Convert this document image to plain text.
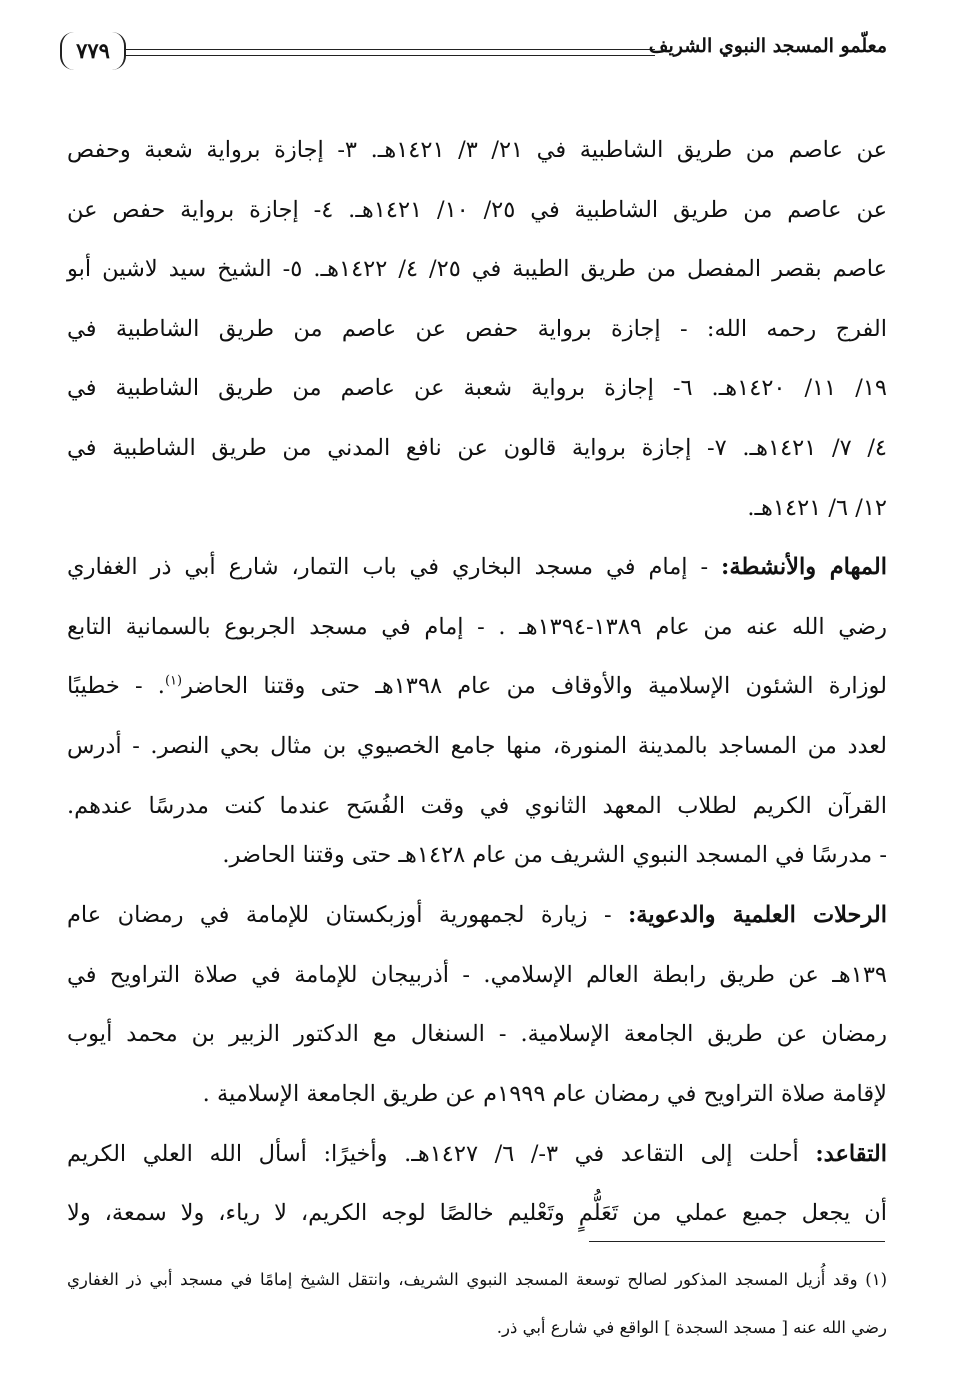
٧٧٩	معلّمو المسجد النبوي الشريف
عن عاصم من طريق الشاطبية في ٢١/ ٣/ ١٤٢١هـ. ٣- إجازة برواية شعبة وحفص
عن عاصم من طريق الشاطبية في ٢٥/ ١٠/ ١٤٢١هـ. ٤- إجازة برواية حفص عن
عاصم بقصر المفصل من طريق الطيبة في ٢٥/ ٤/ ١٤٢٢هـ. ٥- الشيخ سيد لاشين أبو
الفرج رحمه الله: - إجازة برواية حفص عن عاصم من طريق الشاطبية في
١٩/ ١١/ ١٤٢٠هـ. ٦- إجازة برواية شعبة عن عاصم من طريق الشاطبية في
٤/ ٧/ ١٤٢١هـ. ٧- إجازة برواية قالون عن نافع المدني من طريق الشاطبية في
١٢/ ٦/ ١٤٢١هـ.
المهام والأنشطة: - إمام في مسجد البخاري في باب التمار، شارع أبي ذر الغفاري
رضي الله عنه من عام ١٣٨٩-١٣٩٤هـ . - إمام في مسجد الجربوع بالسمانية التابع
لوزارة الشئون الإسلامية والأوقاف من عام ١٣٩٨هـ حتى وقتنا الحاضر$^{(١)}$. - خطيبًا
لعدد من المساجد بالمدينة المنورة، منها جامع الخصيوي بن مثال بحي النصر. - أدرس
القرآن الكريم لطلاب المعهد الثانوي في وقت الفُسَح عندما كنت مدرسًا عندهم.
- مدرسًا في المسجد النبوي الشريف من عام ١٤٢٨هـ حتى وقتنا الحاضر.
الرحلات العلمية والدعوية: - زيارة لجمهورية أوزبكستان للإمامة في رمضان عام
١٣٩هـ عن طريق رابطة العالم الإسلامي. - أذربيجان للإمامة في صلاة التراويح في
رمضان عن طريق الجامعة الإسلامية. - السنغال مع الدكتور الزبير بن محمد أيوب
لإقامة صلاة التراويح في رمضان عام ١٩٩٩م عن طريق الجامعة الإسلامية .
التقاعد: أحلت إلى التقاعد في ٣-/ ٦/ ١٤٢٧هـ. وأخيرًا: أسأل الله العلي الكريم
أن يجعل جميع عملي من تَعَلُّمٍ وتَعْليم خالصًا لوجه الكريم، لا رياء، ولا سمعة، ولا
(١) وقد أُزيل المسجد المذكور لصالح توسعة المسجد النبوي الشريف، وانتقل الشيخ إمامًا في مسجد أبي ذر الغفاري
رضي الله عنه [ مسجد السجدة ] الواقع في شارع أبي ذر.
